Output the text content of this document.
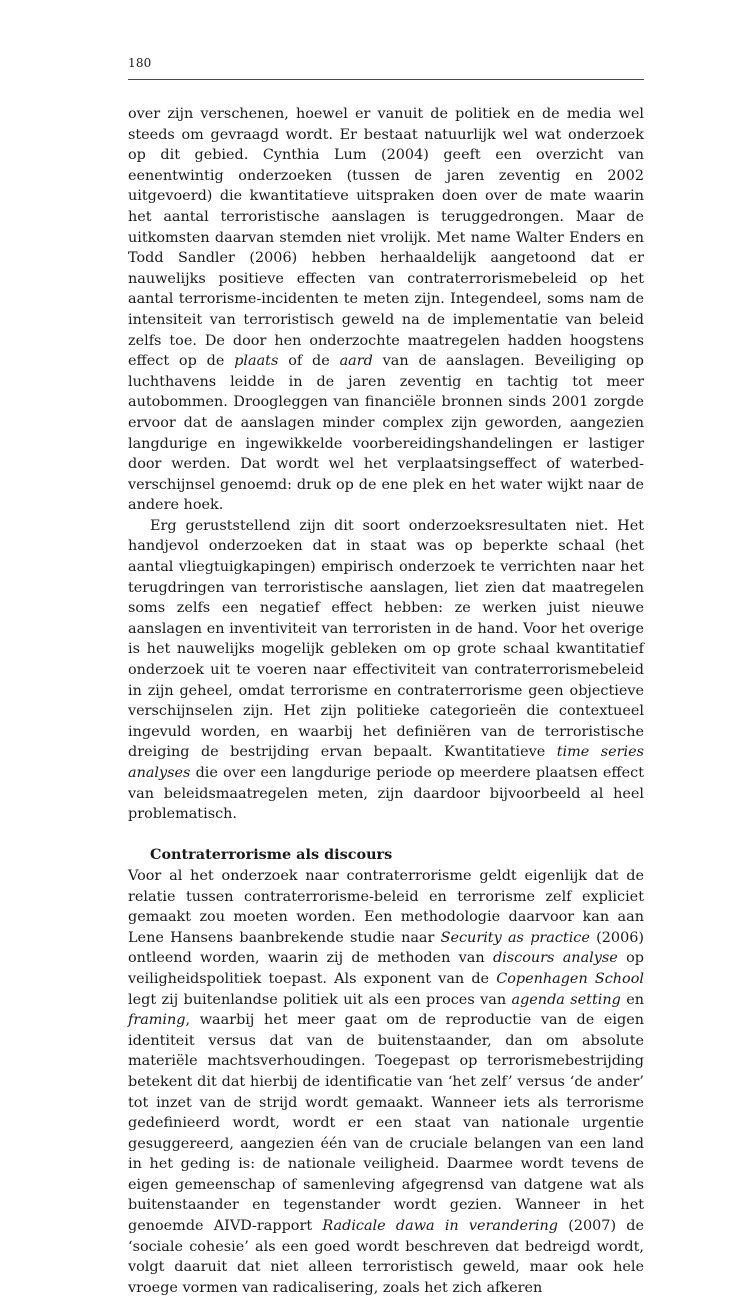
180

over zijn verschenen, hoewel er vanuit de politiek en de media wel steeds om gevraagd wordt. Er bestaat natuurlijk wel wat onderzoek op dit gebied. Cynthia Lum (2004) geeft een overzicht van eenentwintig onderzoeken (tussen de jaren zeventig en 2002 uitgevoerd) die kwantitatieve uitspraken doen over de mate waarin het aantal terroristische aanslagen is teruggedrongen. Maar de uitkomsten daarvan stemden niet vrolijk. Met name Walter Enders en Todd Sandler (2006) hebben herhaaldelijk aangetoond dat er nauwelijks positieve effecten van contraterrorismebeleid op het aantal terrorisme-incidenten te meten zijn. Integendeel, soms nam de intensiteit van terroristisch geweld na de implementatie van beleid zelfs toe. De door hen onderzochte maatregelen hadden hoogstens effect op de plaats of de aard van de aanslagen. Beveiliging op luchthavens leidde in de jaren zeventig en tachtig tot meer autobommen. Droogleggen van financiële bronnen sinds 2001 zorgde ervoor dat de aanslagen minder complex zijn geworden, aangezien langdurige en ingewikkelde voorbereidingshandelingen er lastiger door werden. Dat wordt wel het verplaatsingseffect of waterbed-verschijnsel genoemd: druk op de ene plek en het water wijkt naar de andere hoek.

Erg geruststellend zijn dit soort onderzoeksresultaten niet. Het handjevol onderzoeken dat in staat was op beperkte schaal (het aantal vliegtuigkapingen) empirisch onderzoek te verrichten naar het terugdringen van terroristische aanslagen, liet zien dat maatregelen soms zelfs een negatief effect hebben: ze werken juist nieuwe aanslagen en inventiviteit van terroristen in de hand. Voor het overige is het nauwelijks mogelijk gebleken om op grote schaal kwantitatief onderzoek uit te voeren naar effectiviteit van contraterrorismebeleid in zijn geheel, omdat terrorisme en contraterrorisme geen objectieve verschijnselen zijn. Het zijn politieke categorieën die contextueel ingevuld worden, en waarbij het definiëren van de terroristische dreiging de bestrijding ervan bepaalt. Kwantitatieve time series analyses die over een langdurige periode op meerdere plaatsen effect van beleidsmaatregelen meten, zijn daardoor bijvoorbeeld al heel problematisch.

Contraterrorisme als discours

Voor al het onderzoek naar contraterrorisme geldt eigenlijk dat de relatie tussen contraterrorisme-beleid en terrorisme zelf expliciet gemaakt zou moeten worden. Een methodologie daarvoor kan aan Lene Hansens baanbrekende studie naar Security as practice (2006) ontleend worden, waarin zij de methoden van discours analyse op veiligheidspolitiek toepast. Als exponent van de Copenhagen School legt zij buitenlandse politiek uit als een proces van agenda setting en framing, waarbij het meer gaat om de reproductie van de eigen identiteit versus dat van de buitenstaander, dan om absolute materiële machtsverhoudingen. Toegepast op terrorismebestrijding betekent dit dat hierbij de identificatie van ‘het zelf’ versus ‘de ander’ tot inzet van de strijd wordt gemaakt. Wanneer iets als terrorisme gedefinieerd wordt, wordt er een staat van nationale urgentie gesuggereerd, aangezien één van de cruciale belangen van een land in het geding is: de nationale veiligheid. Daarmee wordt tevens de eigen gemeenschap of samenleving afgegrensd van datgene wat als buitenstaander en tegenstander wordt gezien. Wanneer in het genoemde AIVD-rapport Radicale dawa in verandering (2007) de ‘sociale cohesie’ als een goed wordt beschreven dat bedreigd wordt, volgt daaruit dat niet alleen terroristisch geweld, maar ook hele vroege vormen van radicalisering, zoals het zich afkeren
